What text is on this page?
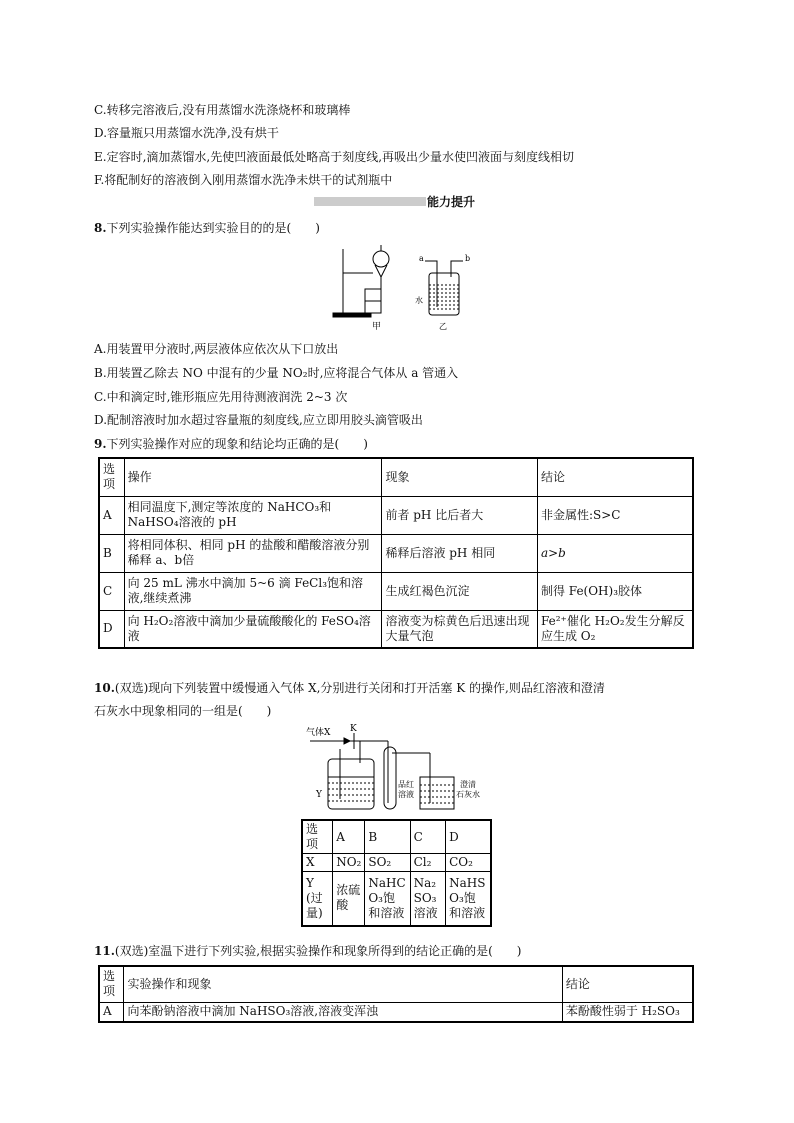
C.转移完溶液后,没有用蒸馏水洗涤烧杯和玻璃棒
D.容量瓶只用蒸馏水洗净,没有烘干
E.定容时,滴加蒸馏水,先使凹液面最低处略高于刻度线,再吸出少量水使凹液面与刻度线相切
F.将配制好的溶液倒入刚用蒸馏水洗净未烘干的试剂瓶中
能力提升
8.下列实验操作能达到实验目的的是(　　)
甲
a	b
水
乙
A.用装置甲分液时,两层液体应依次从下口放出
B.用装置乙除去 NO 中混有的少量 NO₂时,应将混合气体从 a 管通入
C.中和滴定时,锥形瓶应先用待测液润洗 2~3 次
D.配制溶液时加水超过容量瓶的刻度线,应立即用胶头滴管吸出
9.下列实验操作对应的现象和结论均正确的是(　　)
选项	操作	现象	结论
A	相同温度下,测定等浓度的 NaHCO₃和 NaHSO₄溶液的 pH	前者 pH 比后者大	非金属性:S>C
B	将相同体积、相同 pH 的盐酸和醋酸溶液分别稀释 a、b倍	稀释后溶液 pH 相同	a>b
C	向 25 mL 沸水中滴加 5~6 滴 FeCl₃饱和溶液,继续煮沸	生成红褐色沉淀	制得 Fe(OH)₃胶体
D	向 H₂O₂溶液中滴加少量硫酸酸化的 FeSO₄溶液	溶液变为棕黄色后迅速出现大量气泡	Fe²⁺催化 H₂O₂发生分解反应生成 O₂
10.(双选)现向下列装置中缓慢通入气体 X,分别进行关闭和打开活塞 K 的操作,则品红溶液和澄清
石灰水中现象相同的一组是(　　)
气体X K
Y
品红
溶液
澄清
石灰水
选项	A	B	C	D
X	NO₂	SO₂	Cl₂	CO₂
Y (过量)	浓硫酸	NaHCO₃饱和溶液	Na₂SO₃溶液	NaHSO₃饱和溶液
11.(双选)室温下进行下列实验,根据实验操作和现象所得到的结论正确的是(　　)
选项	实验操作和现象	结论
A	向苯酚钠溶液中滴加 NaHSO₃溶液,溶液变浑浊	苯酚酸性弱于 H₂SO₃
